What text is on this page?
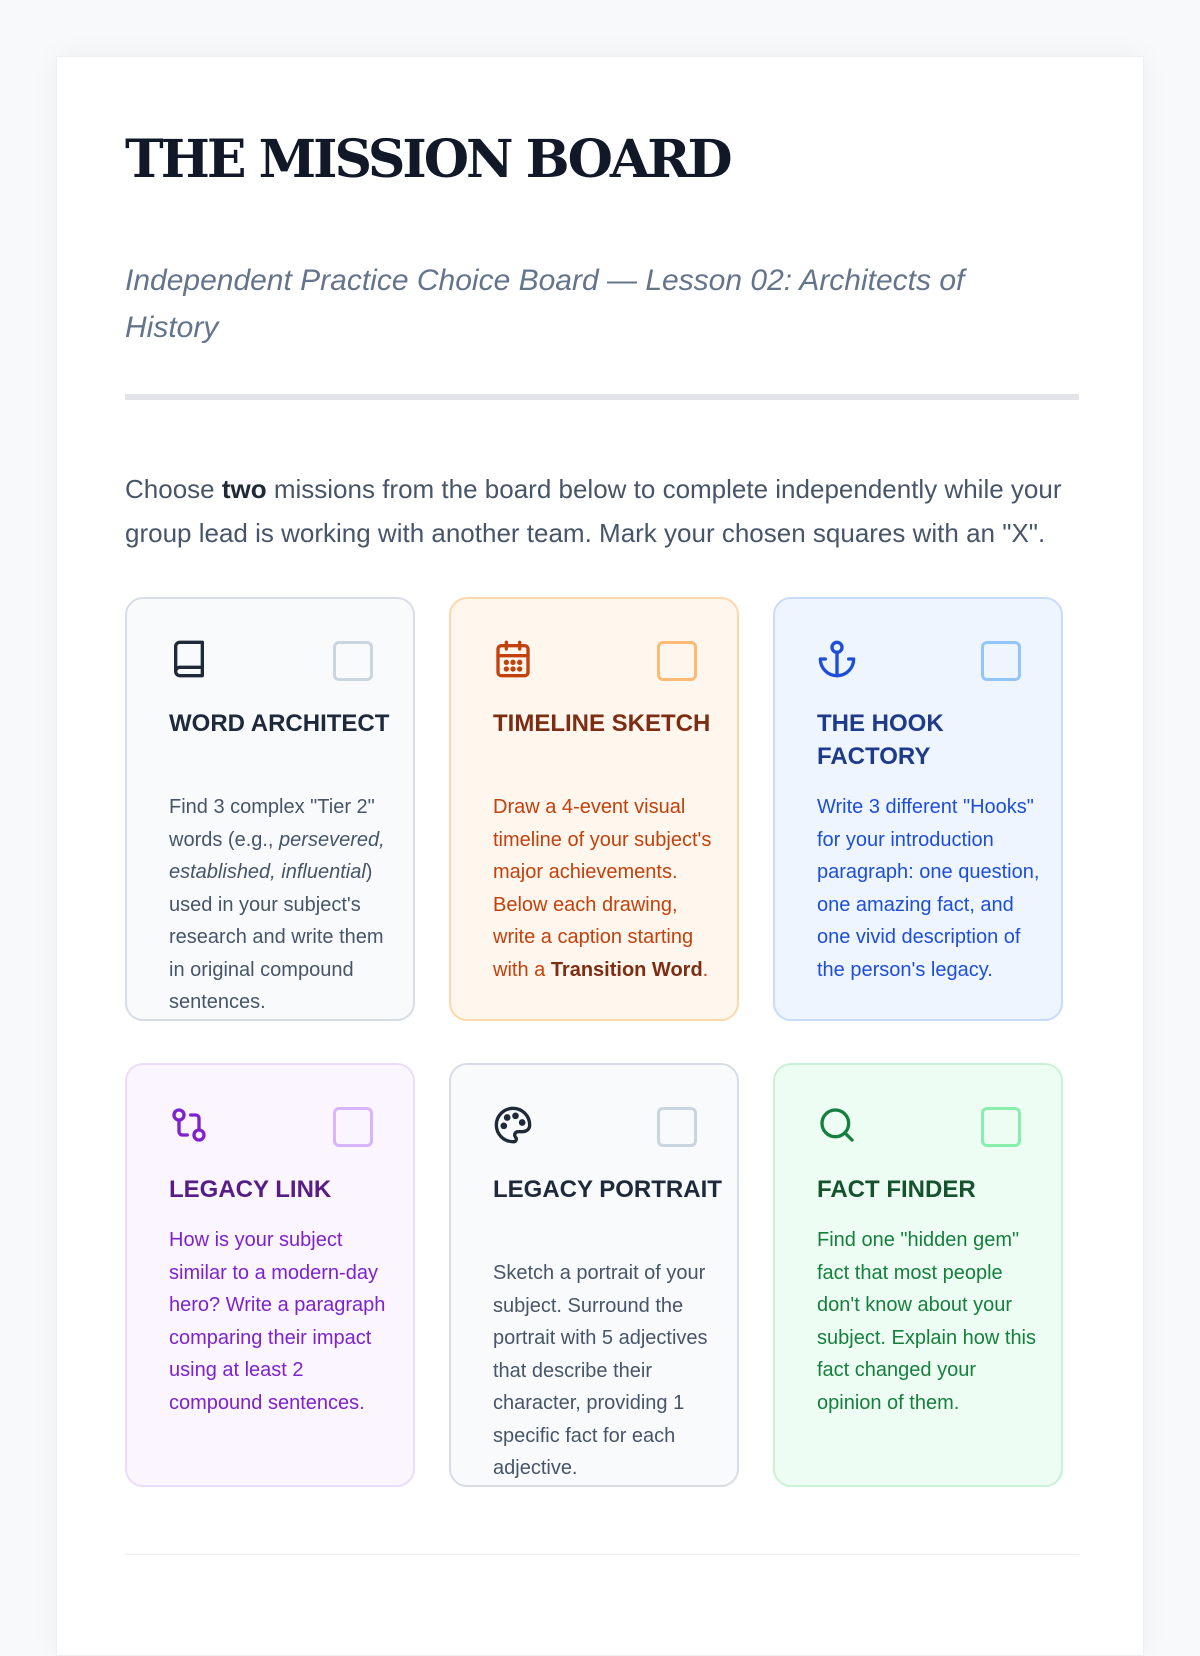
THE MISSION BOARD

Independent Practice Choice Board — Lesson 02: Architects of History

Choose two missions from the board below to complete independently while your group lead is working with another team. Mark your chosen squares with an "X".

WORD ARCHITECT
Find 3 complex "Tier 2" words (e.g., persevered, established, influential) used in your subject's research and write them in original compound sentences.
TIMELINE SKETCH
Draw a 4-event visual timeline of your subject's major achievements. Below each drawing, write a caption starting with a Transition Word.
THE HOOK FACTORY
Write 3 different "Hooks" for your introduction paragraph: one question, one amazing fact, and one vivid description of the person's legacy.
LEGACY LINK
How is your subject similar to a modern-day hero? Write a paragraph comparing their impact using at least 2 compound sentences.
LEGACY PORTRAIT
Sketch a portrait of your subject. Surround the portrait with 5 adjectives that describe their character, providing 1 specific fact for each adjective.
FACT FINDER
Find one "hidden gem" fact that most people don't know about your subject. Explain how this fact changed your opinion of them.
